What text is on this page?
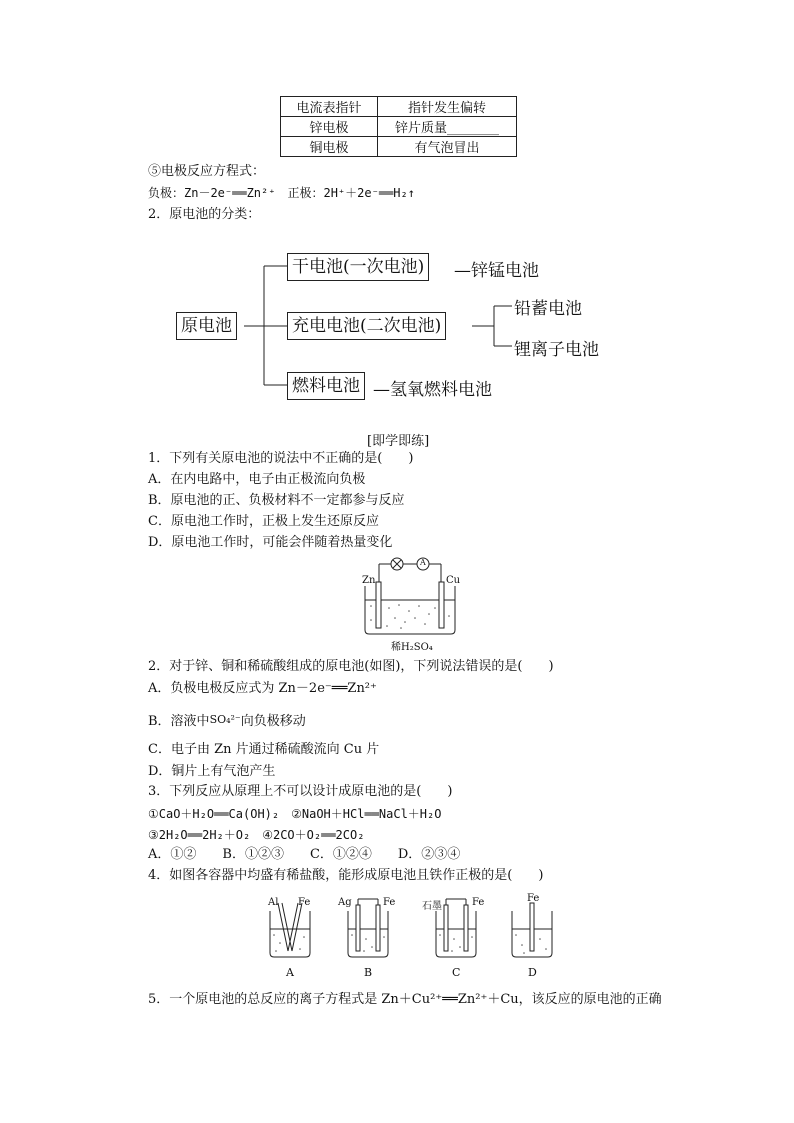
电流表指针	指针发生偏转
锌电极	锌片质量________
铜电极	有气泡冒出
⑤电极反应方程式：
负极：Zn－2e⁻══Zn²⁺　正极：2H⁺＋2e⁻══H₂↑
2．原电池的分类：
原电池
干电池(一次电池) —锌锰电池
充电电池(二次电池)
铅蓄电池
锂离子电池
燃料电池 —氢氧燃料电池
[即学即练]
1．下列有关原电池的说法中不正确的是(　　)
A．在内电路中，电子由正极流向负极
B．原电池的正、负极材料不一定都参与反应
C．原电池工作时，正极上发生还原反应
D．原电池工作时，可能会伴随着热量变化
Zn	Cu
A
稀H₂SO₄
2．对于锌、铜和稀硫酸组成的原电池(如图)，下列说法错误的是(　　)
A．负极电极反应式为 Zn－2e⁻══Zn²⁺
B．溶液中SO₄²⁻向负极移动
C．电子由 Zn 片通过稀硫酸流向 Cu 片
D．铜片上有气泡产生
3．下列反应从原理上不可以设计成原电池的是(　　)
①CaO＋H₂O══Ca(OH)₂　②NaOH＋HCl══NaCl＋H₂O
③2H₂O══2H₂＋O₂　④2CO＋O₂══2CO₂
A．①②　　B．①②③　　C．①②④　　D．②③④
4．如图各容器中均盛有稀盐酸，能形成原电池且铁作正极的是(　　)
Al Fe	Ag	Fe	石墨	Fe	Fe
A	B	C	D
5．一个原电池的总反应的离子方程式是 Zn＋Cu²⁺══Zn²⁺＋Cu，该反应的原电池的正确
